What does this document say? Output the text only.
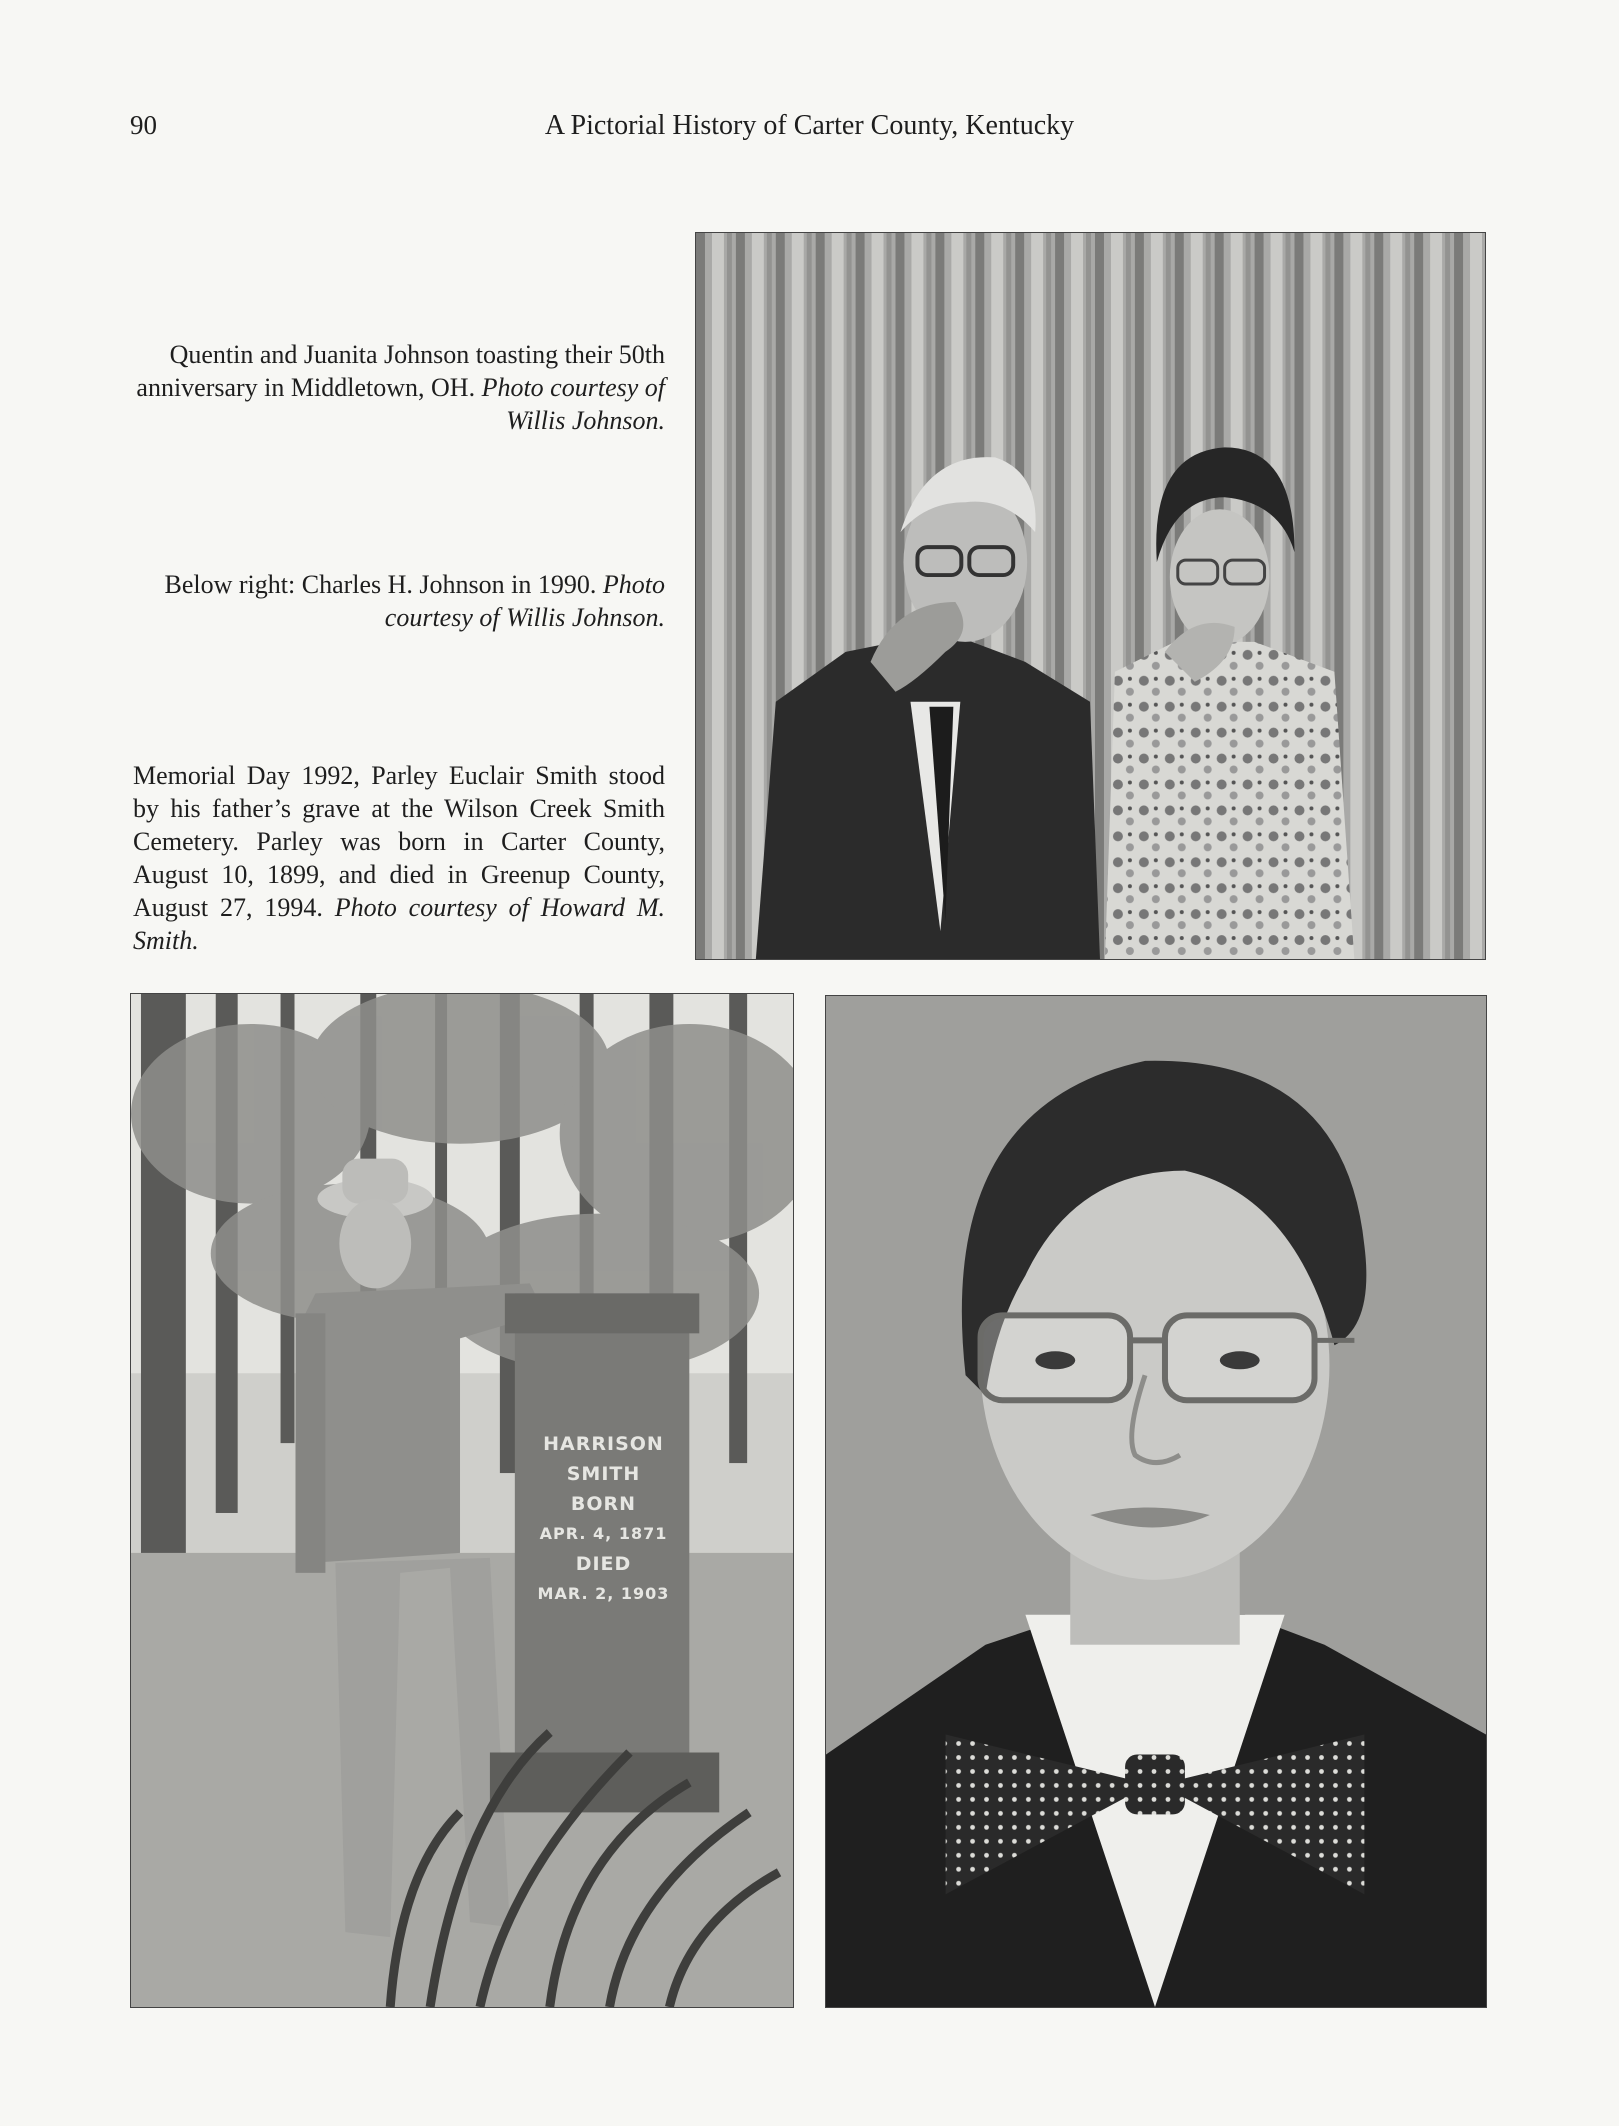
90	A Pictorial History of Carter County, Kentucky
Quentin and Juanita Johnson toasting their 50th anniversary in Middletown, OH. Photo courtesy of Willis Johnson.
Below right: Charles H. Johnson in 1990. Photo courtesy of Willis Johnson.
Memorial Day 1992, Parley Euclair Smith stood by his father’s grave at the Wilson Creek Smith Cemetery. Parley was born in Carter County, August 10, 1899, and died in Greenup County, August 27, 1994. Photo courtesy of Howard M. Smith.
HARRISON
SMITH
BORN
APR. 4, 1871
DIED
MAR. 2, 1903
